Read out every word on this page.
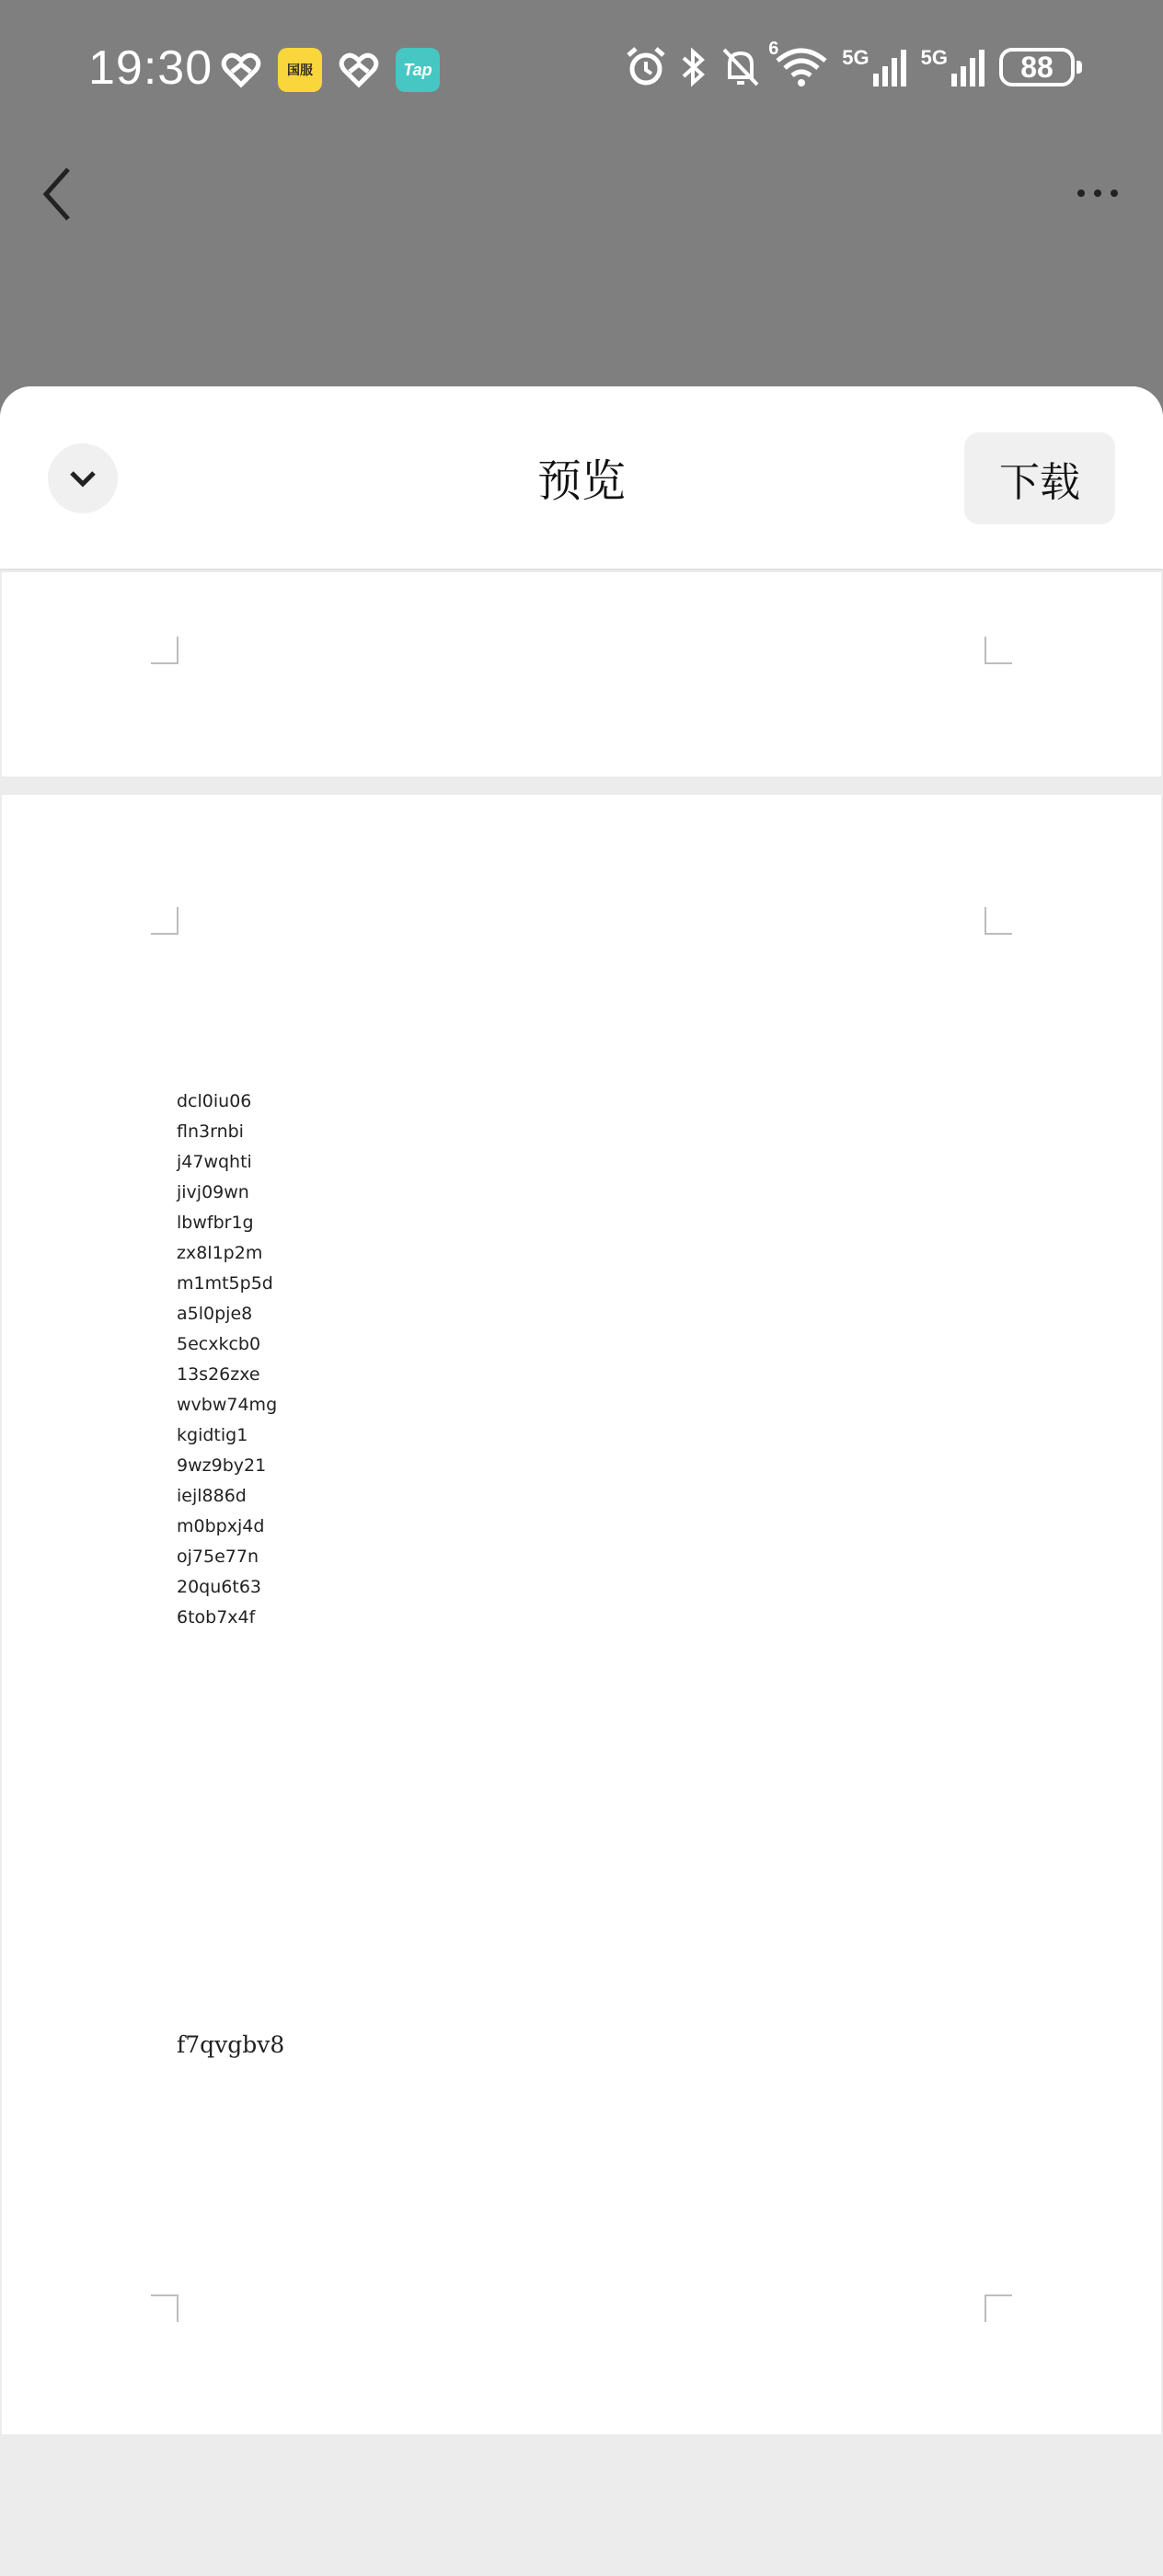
19:30	国服	Tap
6	5G	5G	88
预览	下载
dcl0iu06
fln3rnbi
j47wqhti
jivj09wn
lbwfbr1g
zx8l1p2m
m1mt5p5d
a5l0pje8
5ecxkcb0
13s26zxe
wvbw74mg
kgidtig1
9wz9by21
iejl886d
m0bpxj4d
oj75e77n
20qu6t63
6tob7x4f
f7qvgbv8
